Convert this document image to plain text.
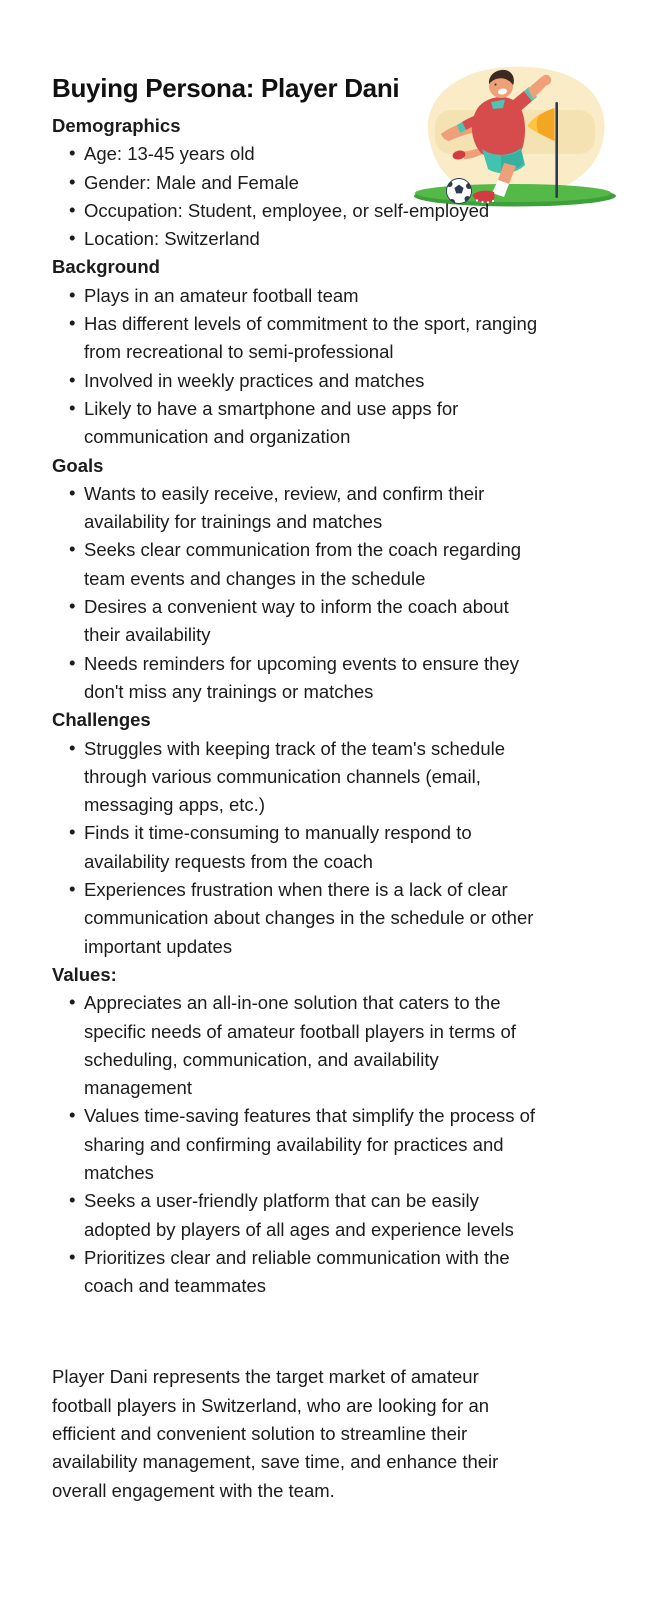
Buying Persona: Player Dani
Demographics
• Age: 13-45 years old
• Gender: Male and Female
• Occupation: Student, employee, or self-employed
• Location: Switzerland
Background
• Plays in an amateur football team
• Has different levels of commitment to the sport, ranging from recreational to semi-professional
• Involved in weekly practices and matches
• Likely to have a smartphone and use apps for communication and organization
Goals
• Wants to easily receive, review, and confirm their availability for trainings and matches
• Seeks clear communication from the coach regarding team events and changes in the schedule
• Desires a convenient way to inform the coach about their availability
• Needs reminders for upcoming events to ensure they don't miss any trainings or matches
Challenges
• Struggles with keeping track of the team's schedule through various communication channels (email, messaging apps, etc.)
• Finds it time-consuming to manually respond to availability requests from the coach
• Experiences frustration when there is a lack of clear communication about changes in the schedule or other important updates
Values:
• Appreciates an all-in-one solution that caters to the specific needs of amateur football players in terms of scheduling, communication, and availability management
• Values time-saving features that simplify the process of sharing and confirming availability for practices and matches
• Seeks a user-friendly platform that can be easily adopted by players of all ages and experience levels
• Prioritizes clear and reliable communication with the coach and teammates

Player Dani represents the target market of amateur football players in Switzerland, who are looking for an efficient and convenient solution to streamline their availability management, save time, and enhance their overall engagement with the team.
